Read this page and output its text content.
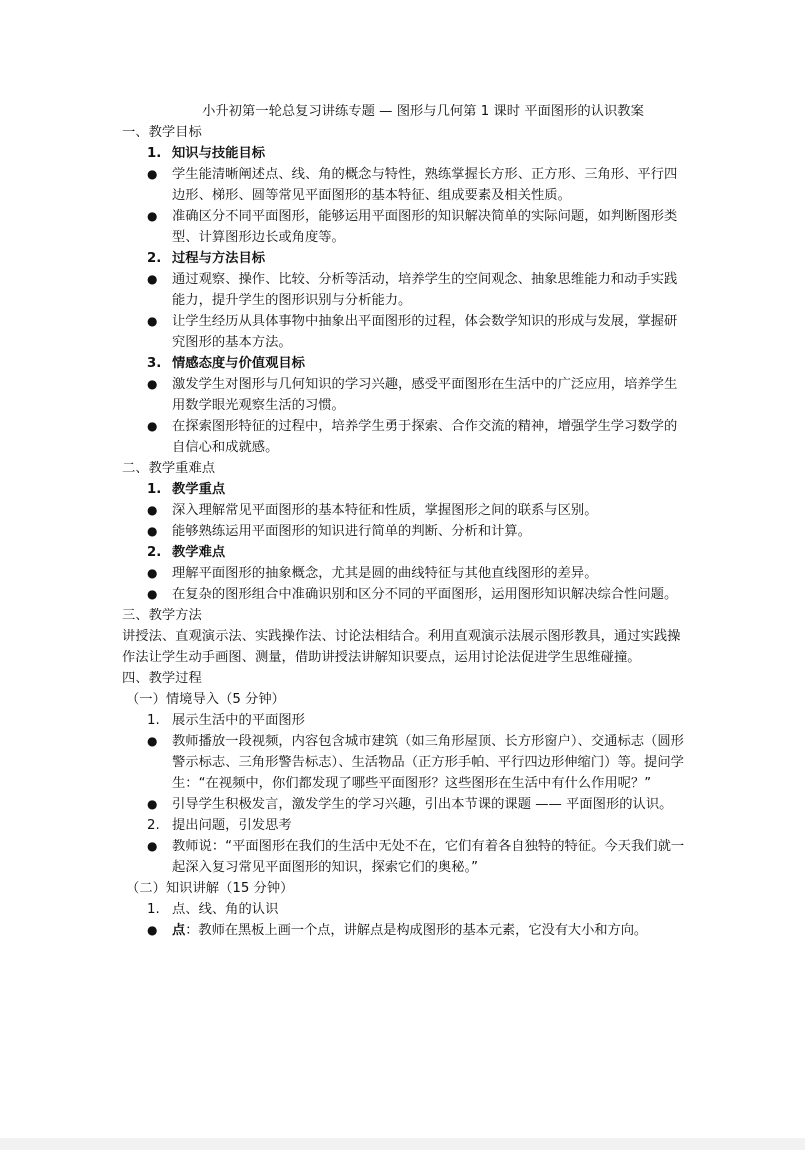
小升初第一轮总复习讲练专题 — 图形与几何第 1 课时 平面图形的认识教案
一、教学目标
1. 知识与技能目标
● 学生能清晰阐述点、线、角的概念与特性，熟练掌握长方形、正方形、三角形、平行四边形、梯形、圆等常见平面图形的基本特征、组成要素及相关性质。
● 准确区分不同平面图形，能够运用平面图形的知识解决简单的实际问题，如判断图形类型、计算图形边长或角度等。
2. 过程与方法目标
● 通过观察、操作、比较、分析等活动，培养学生的空间观念、抽象思维能力和动手实践能力，提升学生的图形识别与分析能力。
● 让学生经历从具体事物中抽象出平面图形的过程，体会数学知识的形成与发展，掌握研究图形的基本方法。
3. 情感态度与价值观目标
● 激发学生对图形与几何知识的学习兴趣，感受平面图形在生活中的广泛应用，培养学生用数学眼光观察生活的习惯。
● 在探索图形特征的过程中，培养学生勇于探索、合作交流的精神，增强学生学习数学的自信心和成就感。
二、教学重难点
1. 教学重点
● 深入理解常见平面图形的基本特征和性质，掌握图形之间的联系与区别。
● 能够熟练运用平面图形的知识进行简单的判断、分析和计算。
2. 教学难点
● 理解平面图形的抽象概念，尤其是圆的曲线特征与其他直线图形的差异。
● 在复杂的图形组合中准确识别和区分不同的平面图形，运用图形知识解决综合性问题。
三、教学方法
讲授法、直观演示法、实践操作法、讨论法相结合。利用直观演示法展示图形教具，通过实践操作法让学生动手画图、测量，借助讲授法讲解知识要点，运用讨论法促进学生思维碰撞。
四、教学过程
（一）情境导入（5 分钟）
1. 展示生活中的平面图形
● 教师播放一段视频，内容包含城市建筑（如三角形屋顶、长方形窗户）、交通标志（圆形警示标志、三角形警告标志）、生活物品（正方形手帕、平行四边形伸缩门）等。提问学生：“在视频中，你们都发现了哪些平面图形？这些图形在生活中有什么作用呢？”
● 引导学生积极发言，激发学生的学习兴趣，引出本节课的课题 —— 平面图形的认识。
2. 提出问题，引发思考
● 教师说：“平面图形在我们的生活中无处不在，它们有着各自独特的特征。今天我们就一起深入复习常见平面图形的知识，探索它们的奥秘。”
（二）知识讲解（15 分钟）
1. 点、线、角的认识
● 点：教师在黑板上画一个点，讲解点是构成图形的基本元素，它没有大小和方向。
